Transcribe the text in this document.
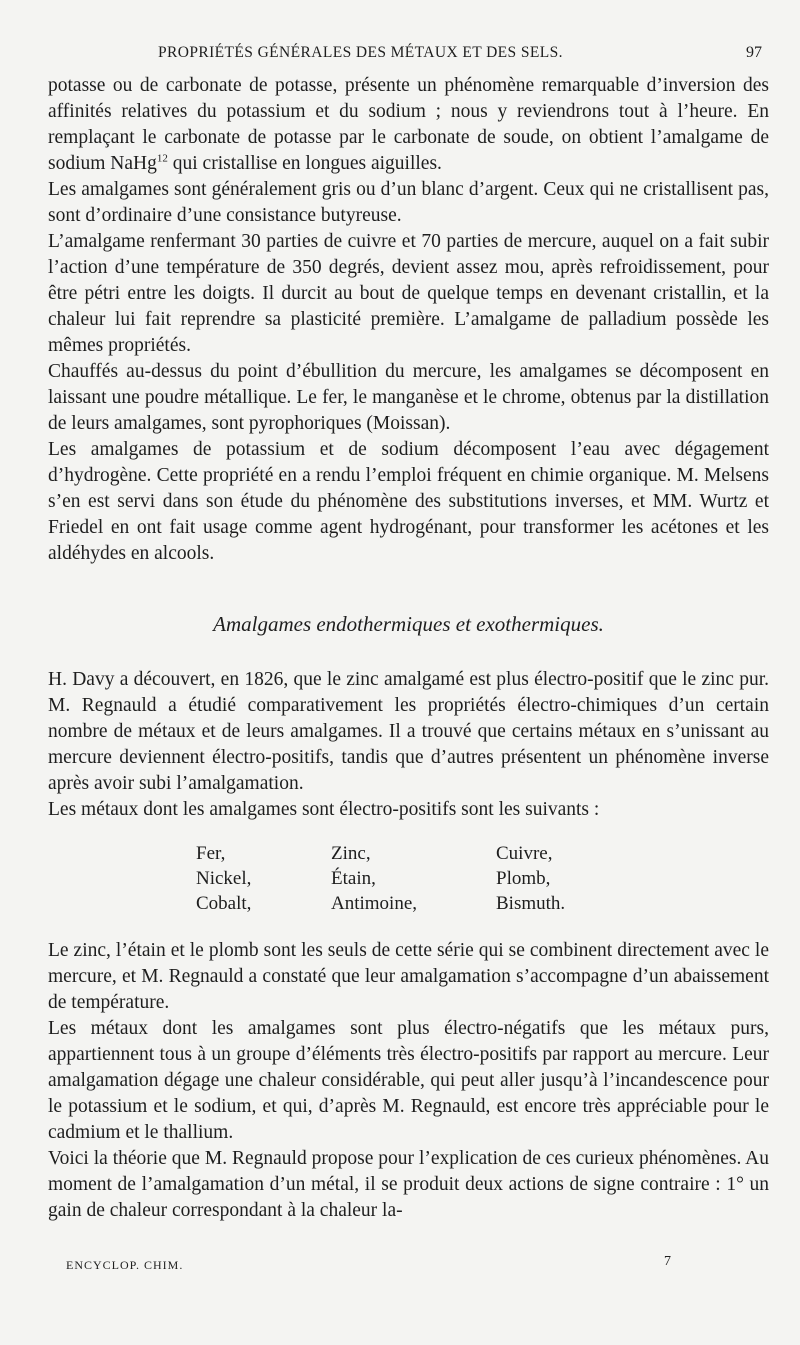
PROPRIÉTÉS GÉNÉRALES DES MÉTAUX ET DES SELS.	97

potasse ou de carbonate de potasse, présente un phénomène remarquable d’inversion des affinités relatives du potassium et du sodium ; nous y reviendrons tout à l’heure. En remplaçant le carbonate de potasse par le carbonate de soude, on obtient l’amalgame de sodium NaHg$^{12}$ qui cristallise en longues aiguilles.

Les amalgames sont généralement gris ou d’un blanc d’argent. Ceux qui ne cristallisent pas, sont d’ordinaire d’une consistance butyreuse.

L’amalgame renfermant 30 parties de cuivre et 70 parties de mercure, auquel on a fait subir l’action d’une température de 350 degrés, devient assez mou, après refroidissement, pour être pétri entre les doigts. Il durcit au bout de quelque temps en devenant cristallin, et la chaleur lui fait reprendre sa plasticité première. L’amalgame de palladium possède les mêmes propriétés.

Chauffés au-dessus du point d’ébullition du mercure, les amalgames se décomposent en laissant une poudre métallique. Le fer, le manganèse et le chrome, obtenus par la distillation de leurs amalgames, sont pyrophoriques (Moissan).

Les amalgames de potassium et de sodium décomposent l’eau avec dégagement d’hydrogène. Cette propriété en a rendu l’emploi fréquent en chimie organique. M. Melsens s’en est servi dans son étude du phénomène des substitutions inverses, et MM. Wurtz et Friedel en ont fait usage comme agent hydrogénant, pour transformer les acétones et les aldéhydes en alcools.

Amalgames endothermiques et exothermiques.

H. Davy a découvert, en 1826, que le zinc amalgamé est plus électro-positif que le zinc pur. M. Regnauld a étudié comparativement les propriétés électro-chimiques d’un certain nombre de métaux et de leurs amalgames. Il a trouvé que certains métaux en s’unissant au mercure deviennent électro-positifs, tandis que d’autres présentent un phénomène inverse après avoir subi l’amalgamation.

Les métaux dont les amalgames sont électro-positifs sont les suivants :

Fer,	Zinc,	Cuivre,
Nickel,	Étain,	Plomb,
Cobalt,	Antimoine,	Bismuth.

Le zinc, l’étain et le plomb sont les seuls de cette série qui se combinent directement avec le mercure, et M. Regnauld a constaté que leur amalgamation s’accompagne d’un abaissement de température.

Les métaux dont les amalgames sont plus électro-négatifs que les métaux purs, appartiennent tous à un groupe d’éléments très électro-positifs par rapport au mercure. Leur amalgamation dégage une chaleur considérable, qui peut aller jusqu’à l’incandescence pour le potassium et le sodium, et qui, d’après M. Regnauld, est encore très appréciable pour le cadmium et le thallium.

Voici la théorie que M. Regnauld propose pour l’explication de ces curieux phénomènes. Au moment de l’amalgamation d’un métal, il se produit deux actions de signe contraire : 1° un gain de chaleur correspondant à la chaleur la-

ENCYCLOP. CHIM.	7
